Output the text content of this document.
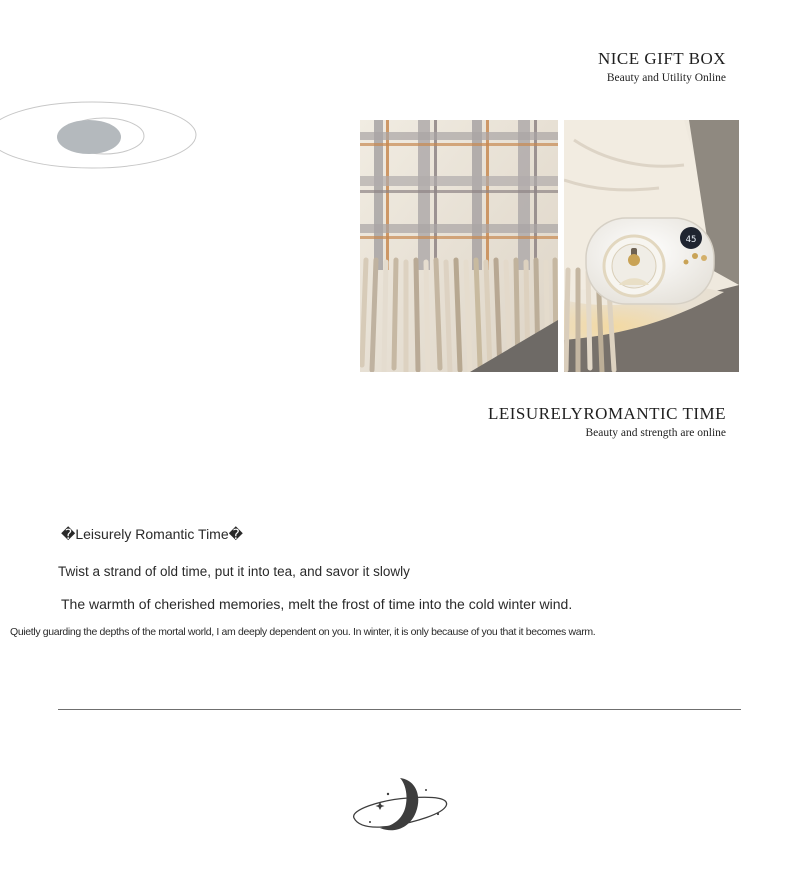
NICE GIFT BOX
Beauty and Utility Online
45
LEISURELYROMANTIC TIME
Beauty and strength are online
�Leisurely Romantic Time�
Twist a strand of old time, put it into tea, and savor it slowly
The warmth of cherished memories, melt the frost of time into the cold winter wind.
Quietly guarding the depths of the mortal world, I am deeply dependent on you. In winter, it is only because of you that it becomes warm.
